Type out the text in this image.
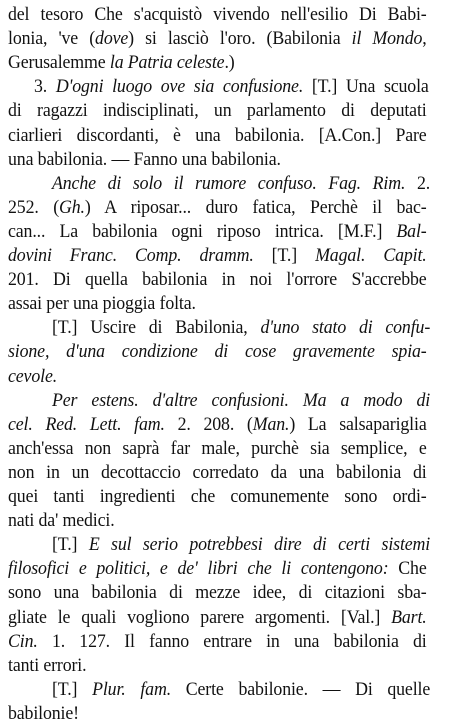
del tesoro Che s'acquistò vivendo nell'esilio Di Babi-
lonia, 've (dove) si lasciò l'oro. (Babilonia il Mondo,
Gerusalemme la Patria celeste.)
3. D'ogni luogo ove sia confusione. [T.] Una scuola
di ragazzi indisciplinati, un parlamento di deputati
ciarlieri discordanti, è una babilonia. [A.Con.] Pare
una babilonia. — Fanno una babilonia.
Anche di solo il rumore confuso. Fag. Rim. 2.
252. (Gh.) A riposar... duro fatica, Perchè il bac-
can... La babilonia ogni riposo intrica. [M.F.] Bal-
dovini Franc. Comp. dramm. [T.] Magal. Capit.
201. Di quella babilonia in noi l'orrore S'accrebbe
assai per una pioggia folta.
[T.] Uscire di Babilonia, d'uno stato di confu-
sione, d'una condizione di cose gravemente spia-
cevole.
Per estens. d'altre confusioni. Ma a modo di
cel. Red. Lett. fam. 2. 208. (Man.) La salsapariglia
anch'essa non saprà far male, purchè sia semplice, e
non in un decottaccio corredato da una babilonia di
quei tanti ingredienti che comunemente sono ordi-
nati da' medici.
[T.] E sul serio potrebbesi dire di certi sistemi
filosofici e politici, e de' libri che li contengono: Che
sono una babilonia di mezze idee, di citazioni sba-
gliate le quali vogliono parere argomenti. [Val.] Bart.
Cin. 1. 127. Il fanno entrare in una babilonia di
tanti errori.
[T.] Plur. fam. Certe babilonie. — Di quelle
babilonie!
